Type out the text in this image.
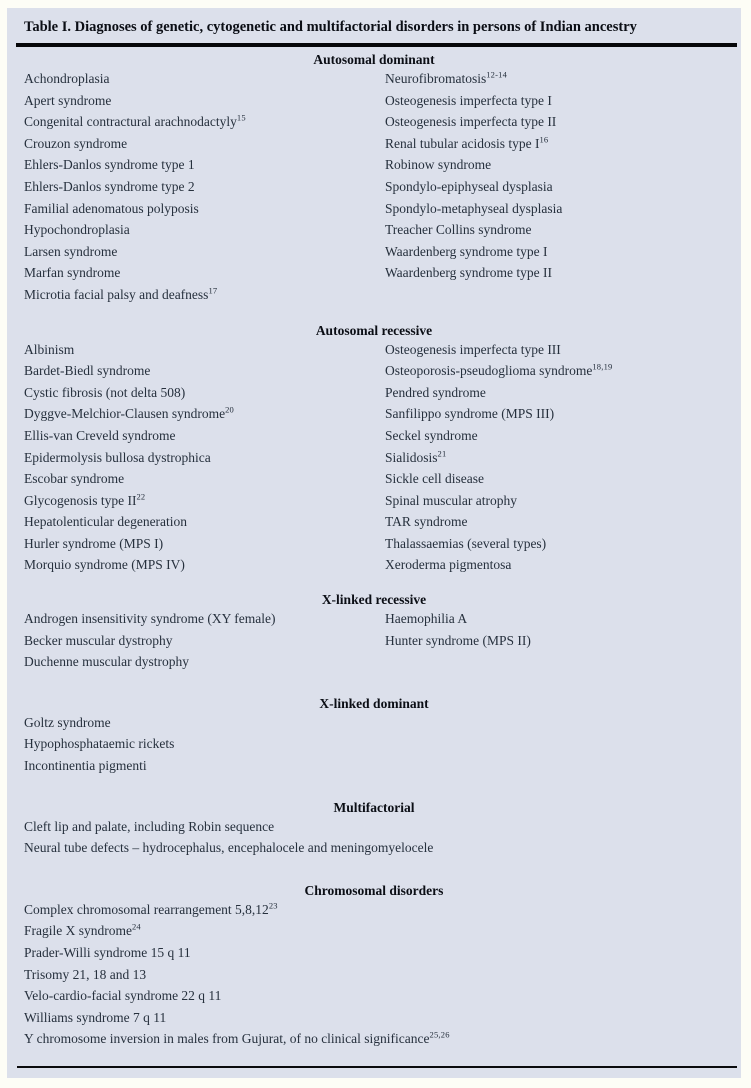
Table I. Diagnoses of genetic, cytogenetic and multifactorial disorders in persons of Indian ancestry
Autosomal dominant
Achondroplasia
Apert syndrome
Congenital contractural arachnodactyly$^{15}$
Crouzon syndrome
Ehlers-Danlos syndrome type 1
Ehlers-Danlos syndrome type 2
Familial adenomatous polyposis
Hypochondroplasia
Larsen syndrome
Marfan syndrome
Microtia facial palsy and deafness$^{17}$
Neurofibromatosis$^{12-14}$
Osteogenesis imperfecta type I
Osteogenesis imperfecta type II
Renal tubular acidosis type $I^{16}$
Robinow syndrome
Spondylo-epiphyseal dysplasia
Spondylo-metaphyseal dysplasia
Treacher Collins syndrome
Waardenberg syndrome type I
Waardenberg syndrome type II
Autosomal recessive
Albinism
Bardet-Biedl syndrome
Cystic fibrosis (not delta 508)
Dyggve-Melchior-Clausen syndrome$^{20}$
Ellis-van Creveld syndrome
Epidermolysis bullosa dystrophica
Escobar syndrome
Glycogenosis type II$^{22}$
Hepatolenticular degeneration
Hurler syndrome (MPS I)
Morquio syndrome (MPS IV)
Osteogenesis imperfecta type III
Osteoporosis-pseudoglioma syndrome$^{18,19}$
Pendred syndrome
Sanfilippo syndrome (MPS III)
Seckel syndrome
Sialidosis$^{21}$
Sickle cell disease
Spinal muscular atrophy
TAR syndrome
Thalassaemias (several types)
Xeroderma pigmentosa
X-linked recessive
Androgen insensitivity syndrome (XY female)
Becker muscular dystrophy
Duchenne muscular dystrophy
Haemophilia A
Hunter syndrome (MPS II)
X-linked dominant
Goltz syndrome
Hypophosphataemic rickets
Incontinentia pigmenti
Multifactorial
Cleft lip and palate, including Robin sequence
Neural tube defects – hydrocephalus, encephalocele and meningomyelocele
Chromosomal disorders
Complex chromosomal rearrangement 5,8,12$^{23}$
Fragile X syndrome$^{24}$
Prader-Willi syndrome 15 q 11
Trisomy 21, 18 and 13
Velo-cardio-facial syndrome 22 q 11
Williams syndrome 7 q 11
Y chromosome inversion in males from Gujurat, of no clinical significance$^{25,26}$
